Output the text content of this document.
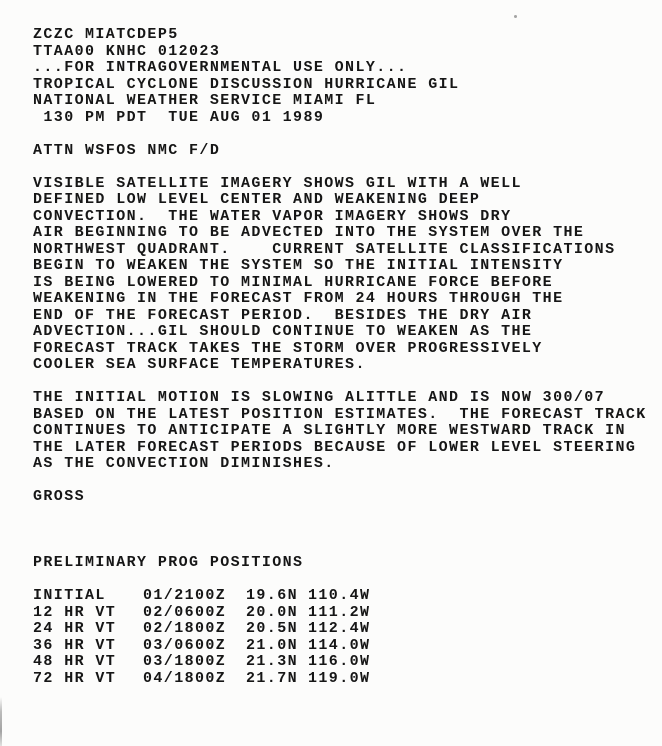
ZCZC MIATCDEP5
TTAA00 KNHC 012023
...FOR INTRAGOVERNMENTAL USE ONLY...
TROPICAL CYCLONE DISCUSSION HURRICANE GIL
NATIONAL WEATHER SERVICE MIAMI FL
130 PM PDT  TUE AUG 01 1989
ATTN WSFOS NMC F/D
VISIBLE SATELLITE IMAGERY SHOWS GIL WITH A WELL
DEFINED LOW LEVEL CENTER AND WEAKENING DEEP
CONVECTION.  THE WATER VAPOR IMAGERY SHOWS DRY
AIR BEGINNING TO BE ADVECTED INTO THE SYSTEM OVER THE
NORTHWEST QUADRANT.    CURRENT SATELLITE CLASSIFICATIONS
BEGIN TO WEAKEN THE SYSTEM SO THE INITIAL INTENSITY
IS BEING LOWERED TO MINIMAL HURRICANE FORCE BEFORE
WEAKENING IN THE FORECAST FROM 24 HOURS THROUGH THE
END OF THE FORECAST PERIOD.  BESIDES THE DRY AIR
ADVECTION...GIL SHOULD CONTINUE TO WEAKEN AS THE
FORECAST TRACK TAKES THE STORM OVER PROGRESSIVELY
COOLER SEA SURFACE TEMPERATURES.
THE INITIAL MOTION IS SLOWING ALITTLE AND IS NOW 300/07
BASED ON THE LATEST POSITION ESTIMATES.  THE FORECAST TRACK
CONTINUES TO ANTICIPATE A SLIGHTLY MORE WESTWARD TRACK IN
THE LATER FORECAST PERIODS BECAUSE OF LOWER LEVEL STEERING
AS THE CONVECTION DIMINISHES.
GROSS
PRELIMINARY PROG POSITIONS
INITIAL	01/2100Z	19.6N 110.4W
12 HR VT	02/0600Z	20.0N 111.2W
24 HR VT	02/1800Z	20.5N 112.4W
36 HR VT	03/0600Z	21.0N 114.0W
48 HR VT	03/1800Z	21.3N 116.0W
72 HR VT	04/1800Z	21.7N 119.0W
